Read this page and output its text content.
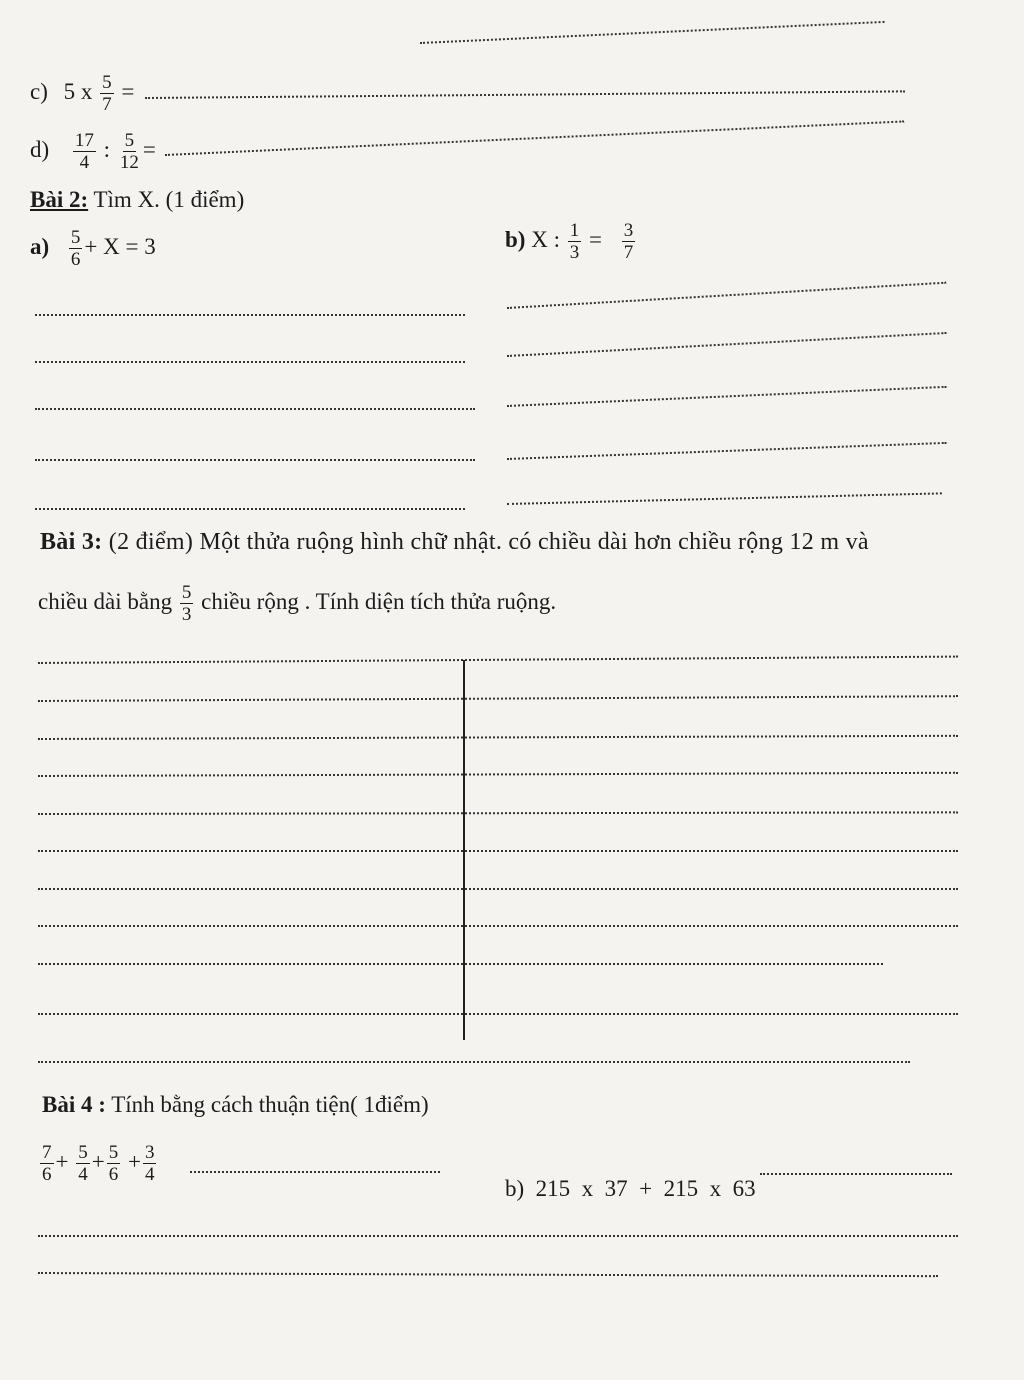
c) 5 x $\frac{5}{7}$ =
$d) \frac{17}{4}$ : $\frac{5}{12}$ =
Bài 2: Tìm X. (1 điểm)
$a) \frac{5}{6} + X = 3$	b) X : $\frac{1}{3} = \frac{3}{7}$
Bài 3: (2 điểm) Một thửa ruộng hình chữ nhật. có chiều dài hơn chiều rộng 12 m và
chiều dài bằng $\frac{5}{3}$ chiều rộng . Tính diện tích thửa ruộng.
Bài 4 : Tính bằng cách thuận tiện( 1điểm)
$\frac{7}{6} + \frac{5}{4} + \frac{5}{6} + \frac{3}{4}$

b) 215  x  37  +  215  x  63
